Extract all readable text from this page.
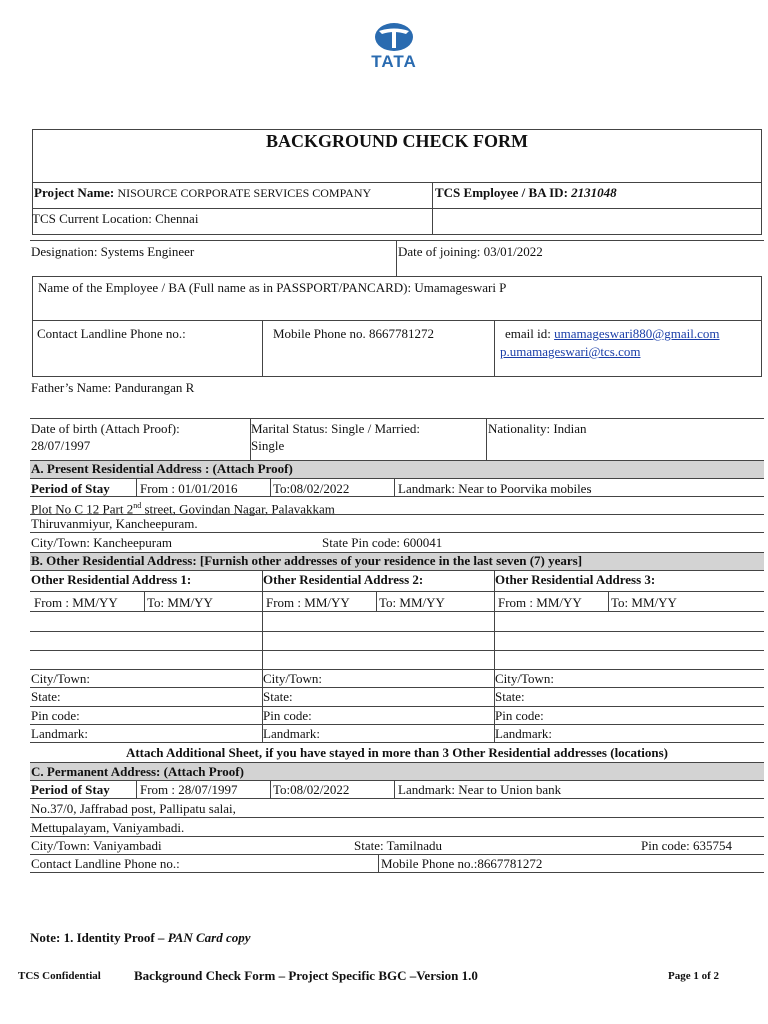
TATA
BACKGROUND CHECK FORM
Project Name: NISOURCE CORPORATE SERVICES COMPANY	TCS Employee / BA ID: 2131048
TCS Current Location: Chennai
Designation: Systems Engineer	Date of joining: 03/01/2022
Name of the Employee / BA (Full name as in PASSPORT/PANCARD): Umamageswari P
Contact Landline Phone no.:	Mobile Phone no. 8667781272	email id: umamageswari880@gmail.com
p.umamageswari@tcs.com
Father’s Name: Pandurangan R
Date of birth (Attach Proof):
28/07/1997
Marital Status: Single / Married:
Single
Nationality: Indian
A. Present Residential Address : (Attach Proof)
Period of Stay From : 01/01/2016	To:08/02/2022	Landmark: Near to Poorvika mobiles
Plot No C 12 Part 2nd street, Govindan Nagar, Palavakkam
Thiruvanmiyur, Kancheepuram.
City/Town: Kancheepuram	State Pin code: 600041
B. Other Residential Address: [Furnish other addresses of your residence in the last seven (7) years]
Other Residential Address 1:	Other Residential Address 2:	Other Residential Address 3:
From : MM/YY To: MM/YY	From : MM/YY To: MM/YY	From : MM/YY To: MM/YY
City/Town:	City/Town:	City/Town:
State:	State:	State:
Pin code:	Pin code:	Pin code:
Landmark:	Landmark:	Landmark:
Attach Additional Sheet, if you have stayed in more than 3 Other Residential addresses (locations)
C. Permanent Address: (Attach Proof)
Period of Stay From : 28/07/1997	To:08/02/2022	Landmark: Near to Union bank
No.37/0, Jaffrabad post, Pallipatu salai,
Mettupalayam, Vaniyambadi.
City/Town: Vaniyambadi	State: Tamilnadu	Pin code: 635754
Contact Landline Phone no.:	Mobile Phone no.:8667781272
Note: 1. Identity Proof – PAN Card copy
TCS Confidential	Background Check Form – Project Specific BGC –Version 1.0	Page 1 of 2
